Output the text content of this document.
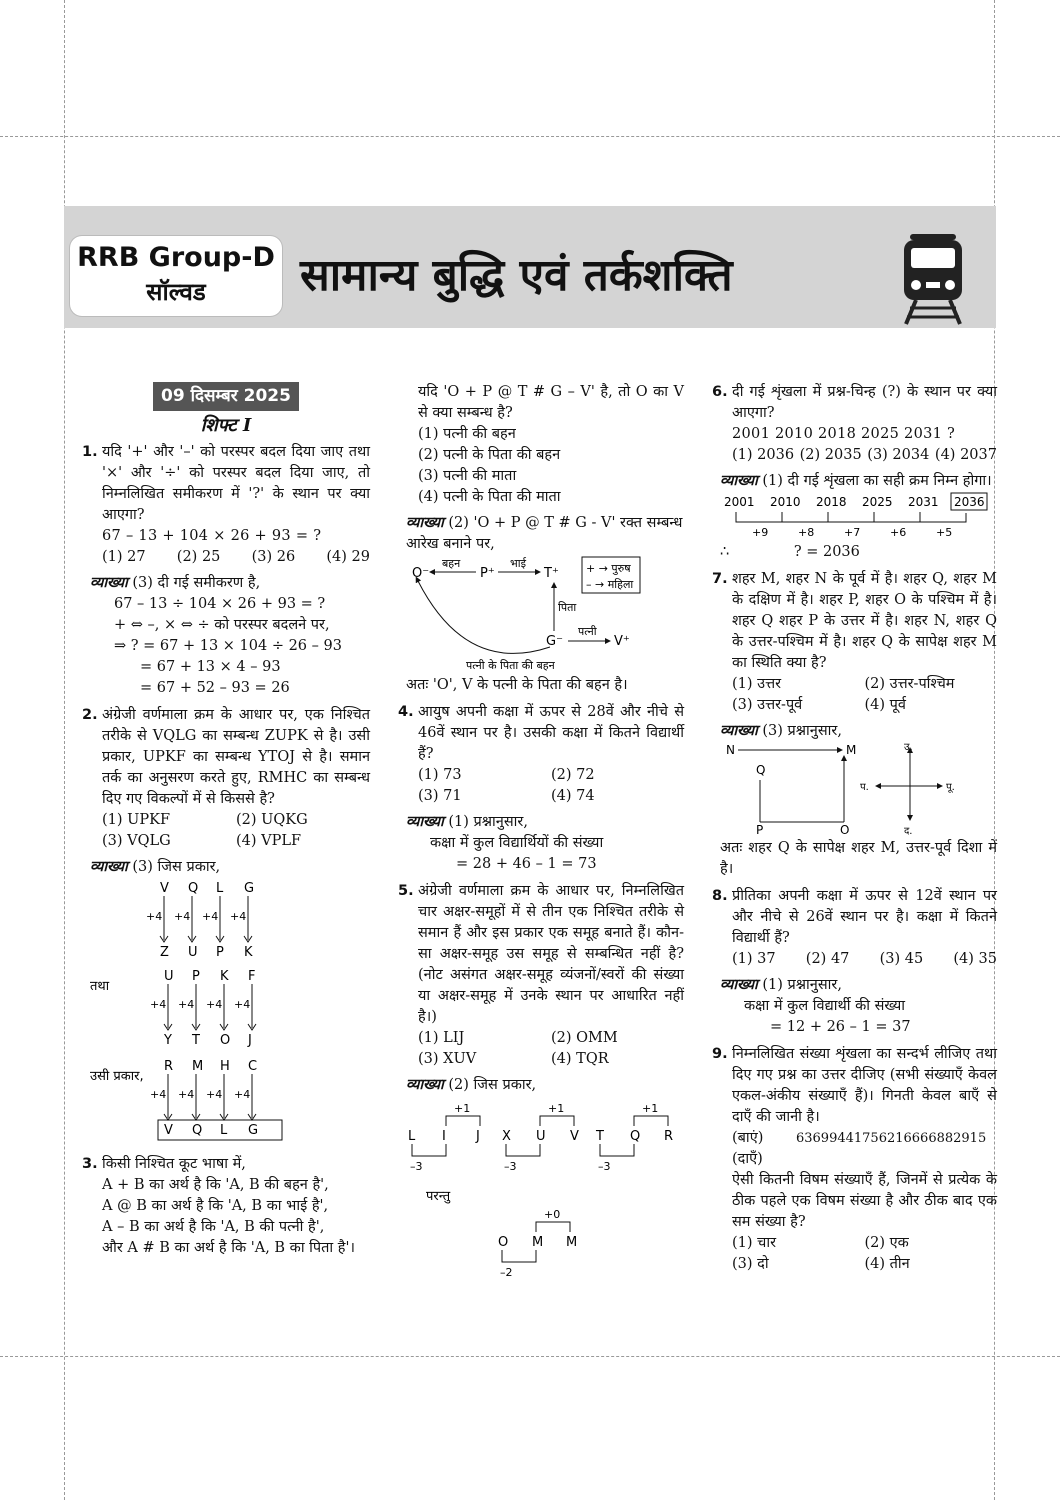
RRB Group-D
सॉल्वड	सामान्य बुद्धि एवं तर्कशक्ति
09 दिसम्बर 2025
शिफ्ट I
1. यदि '+' और '–' को परस्पर बदल दिया जाए तथा '×' और '÷' को परस्पर बदल दिया जाए, तो निम्नलिखित समीकरण में '?' के स्थान पर क्या आएगा?

67 – 13 + 104 × 26 + 93 = ?

(1) 27 (2) 25 (3) 26 (4) 29

व्याख्या (3) दी गई समीकरण है,

67 – 13 ÷ 104 × 26 + 93 = ?

+ ⇔ –, × ⇔ ÷ को परस्पर बदलने पर,

⇒ ? = 67 + 13 × 104 ÷ 26 – 93

= 67 + 13 × 4 – 93

= 67 + 52 – 93 = 26

2. अंग्रेजी वर्णमाला क्रम के आधार पर, एक निश्चित तरीके से VQLG का सम्बन्ध ZUPK से है। उसी प्रकार, UPKF का सम्बन्ध YTOJ से है। समान तर्क का अनुसरण करते हुए, RMHC का सम्बन्ध दिए गए विकल्पों में से किससे है?
(1) UPKF	(2) UQKG
(3) VQLG	(4) VPLF

व्याख्या (3) जिस प्रकार,

V
+4
Z
Q
+4
U
L
+4
P
G
+4
K
तथा
U
+4
Y
P
+4
T
K
+4
O
F
+4
J
उसी प्रकार,
R
+4
V
M
+4
Q
H
+4
L
C
+4
G
3. किसी निश्चित कूट भाषा में,

A + B का अर्थ है कि 'A, B की बहन है',

A @ B का अर्थ है कि 'A, B का भाई है',

A – B का अर्थ है कि 'A, B की पत्नी है',

और A # B का अर्थ है कि 'A, B का पिता है'।

यदि 'O + P @ T # G – V' है, तो O का V से क्या सम्बन्ध है?

(1) पत्नी की बहन

(2) पत्नी के पिता की बहन

(3) पत्नी की माता

(4) पत्नी के पिता की माता

व्याख्या (2) 'O + P @ T # G - V' रक्त सम्बन्ध आरेख बनाने पर,

O⁻	P⁺	T⁺
G⁻	V⁺
बहन	भाई
पिता
पत्नी
+ → पुरुष
– → महिला
पत्नी के पिता की बहन

अतः 'O', V के पत्नी के पिता की बहन है।

4. आयुष अपनी कक्षा में ऊपर से 28वें और नीचे से 46वें स्थान पर है। उसकी कक्षा में कितने विद्यार्थी हैं?
(1) 73	(2) 72
(3) 71	(4) 74

व्याख्या (1) प्रश्नानुसार,

कक्षा में कुल विद्यार्थियों की संख्या

= 28 + 46 – 1 = 73

5. अंग्रेजी वर्णमाला क्रम के आधार पर, निम्नलिखित चार अक्षर-समूहों में से तीन एक निश्चित तरीके से समान हैं और इस प्रकार एक समूह बनाते हैं। कौन-सा अक्षर-समूह उस समूह से सम्बन्धित नहीं है? (नोट असंगत अक्षर-समूह व्यंजनों/स्वरों की संख्या या अक्षर-समूह में उनके स्थान पर आधारित नहीं है।)
(1) LIJ	(2) OMM
(3) XUV	(4) TQR

व्याख्या (2) जिस प्रकार,

L I J
–3
+1
X U V
–3
+1
T Q R
–3
+1
परन्तु
O M M
–2
+0
6. दी गई शृंखला में प्रश्न-चिन्ह (?) के स्थान पर क्या आएगा?

2001 2010 2018 2025 2031 ?

(1) 2036 (2) 2035 (3) 2034 (4) 2037

व्याख्या (1) दी गई शृंखला का सही क्रम निम्न होगा।

2001 2010 2018 2025 2031 2036
+9	+8	+7	+6	+5

∴	? = 2036

7. शहर M, शहर N के पूर्व में है। शहर Q, शहर M के दक्षिण में है। शहर P, शहर O के पश्चिम में है। शहर Q शहर P के उत्तर में है। शहर N, शहर Q के उत्तर-पश्चिम में है। शहर Q के सापेक्ष शहर M का स्थिति क्या है?
(1) उत्तर	(2) उत्तर-पश्चिम
(3) उत्तर-पूर्व	(4) पूर्व

व्याख्या (3) प्रश्नानुसार,

N	M
Q
P	O
उ.
द.
पू.
प.

अतः शहर Q के सापेक्ष शहर M, उत्तर-पूर्व दिशा में है।

8. प्रीतिका अपनी कक्षा में ऊपर से 12वें स्थान पर और नीचे से 26वें स्थान पर है। कक्षा में कितने विद्यार्थी हैं?
(1) 37 (2) 47 (3) 45 (4) 35

व्याख्या (1) प्रश्नानुसार,

कक्षा में कुल विद्यार्थी की संख्या

= 12 + 26 – 1 = 37

9. निम्नलिखित संख्या शृंखला का सन्दर्भ लीजिए तथा दिए गए प्रश्न का उत्तर दीजिए (सभी संख्याएँ केवल एकल-अंकीय संख्याएँ हैं)। गिनती केवल बाएँ से दाएँ की जानी है।

(बाएं)	63699441756216666882915

(दाएँ)

ऐसी कितनी विषम संख्याएँ हैं, जिनमें से प्रत्येक के ठीक पहले एक विषम संख्या है और ठीक बाद एक सम संख्या है?

(1) चार	(2) एक
(3) दो	(4) तीन
